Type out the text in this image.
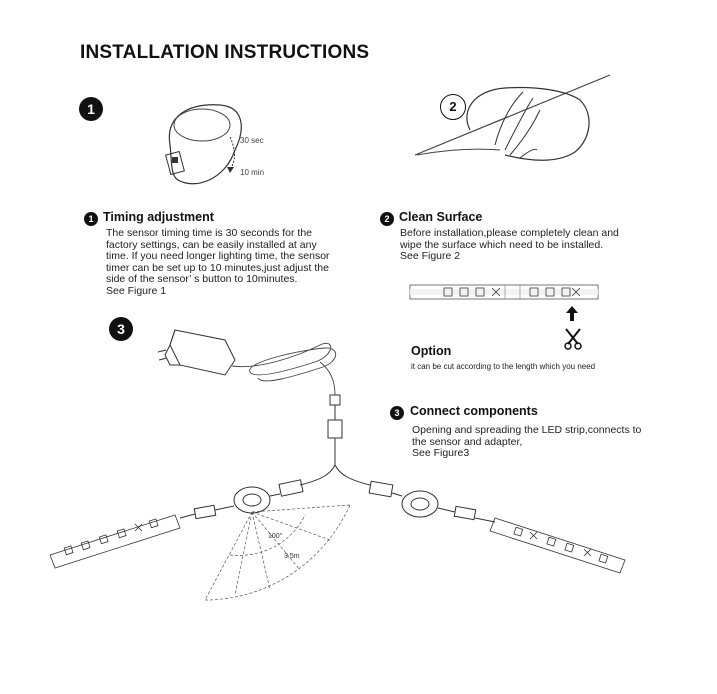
INSTALLATION INSTRUCTIONS
1
30 sec
10 min
2
1 Timing adjustment
The sensor timing time is 30 seconds for the
factory settings, can be easily installed at any
time. If you need longer lighting time, the sensor
timer can be set up to 10 minutes,just adjust the
side of the sensor’ s button to 10minutes.
See Figure 1
2 Clean Surface
Before installation,please completely clean and
wipe the surface which need to be installed.
See Figure 2
Option
it can be cut according to the length which you need
3 Connect components
Opening and spreading the LED strip,connects to
the sensor and adapter,
See Figure3
3
100°
3.5m
